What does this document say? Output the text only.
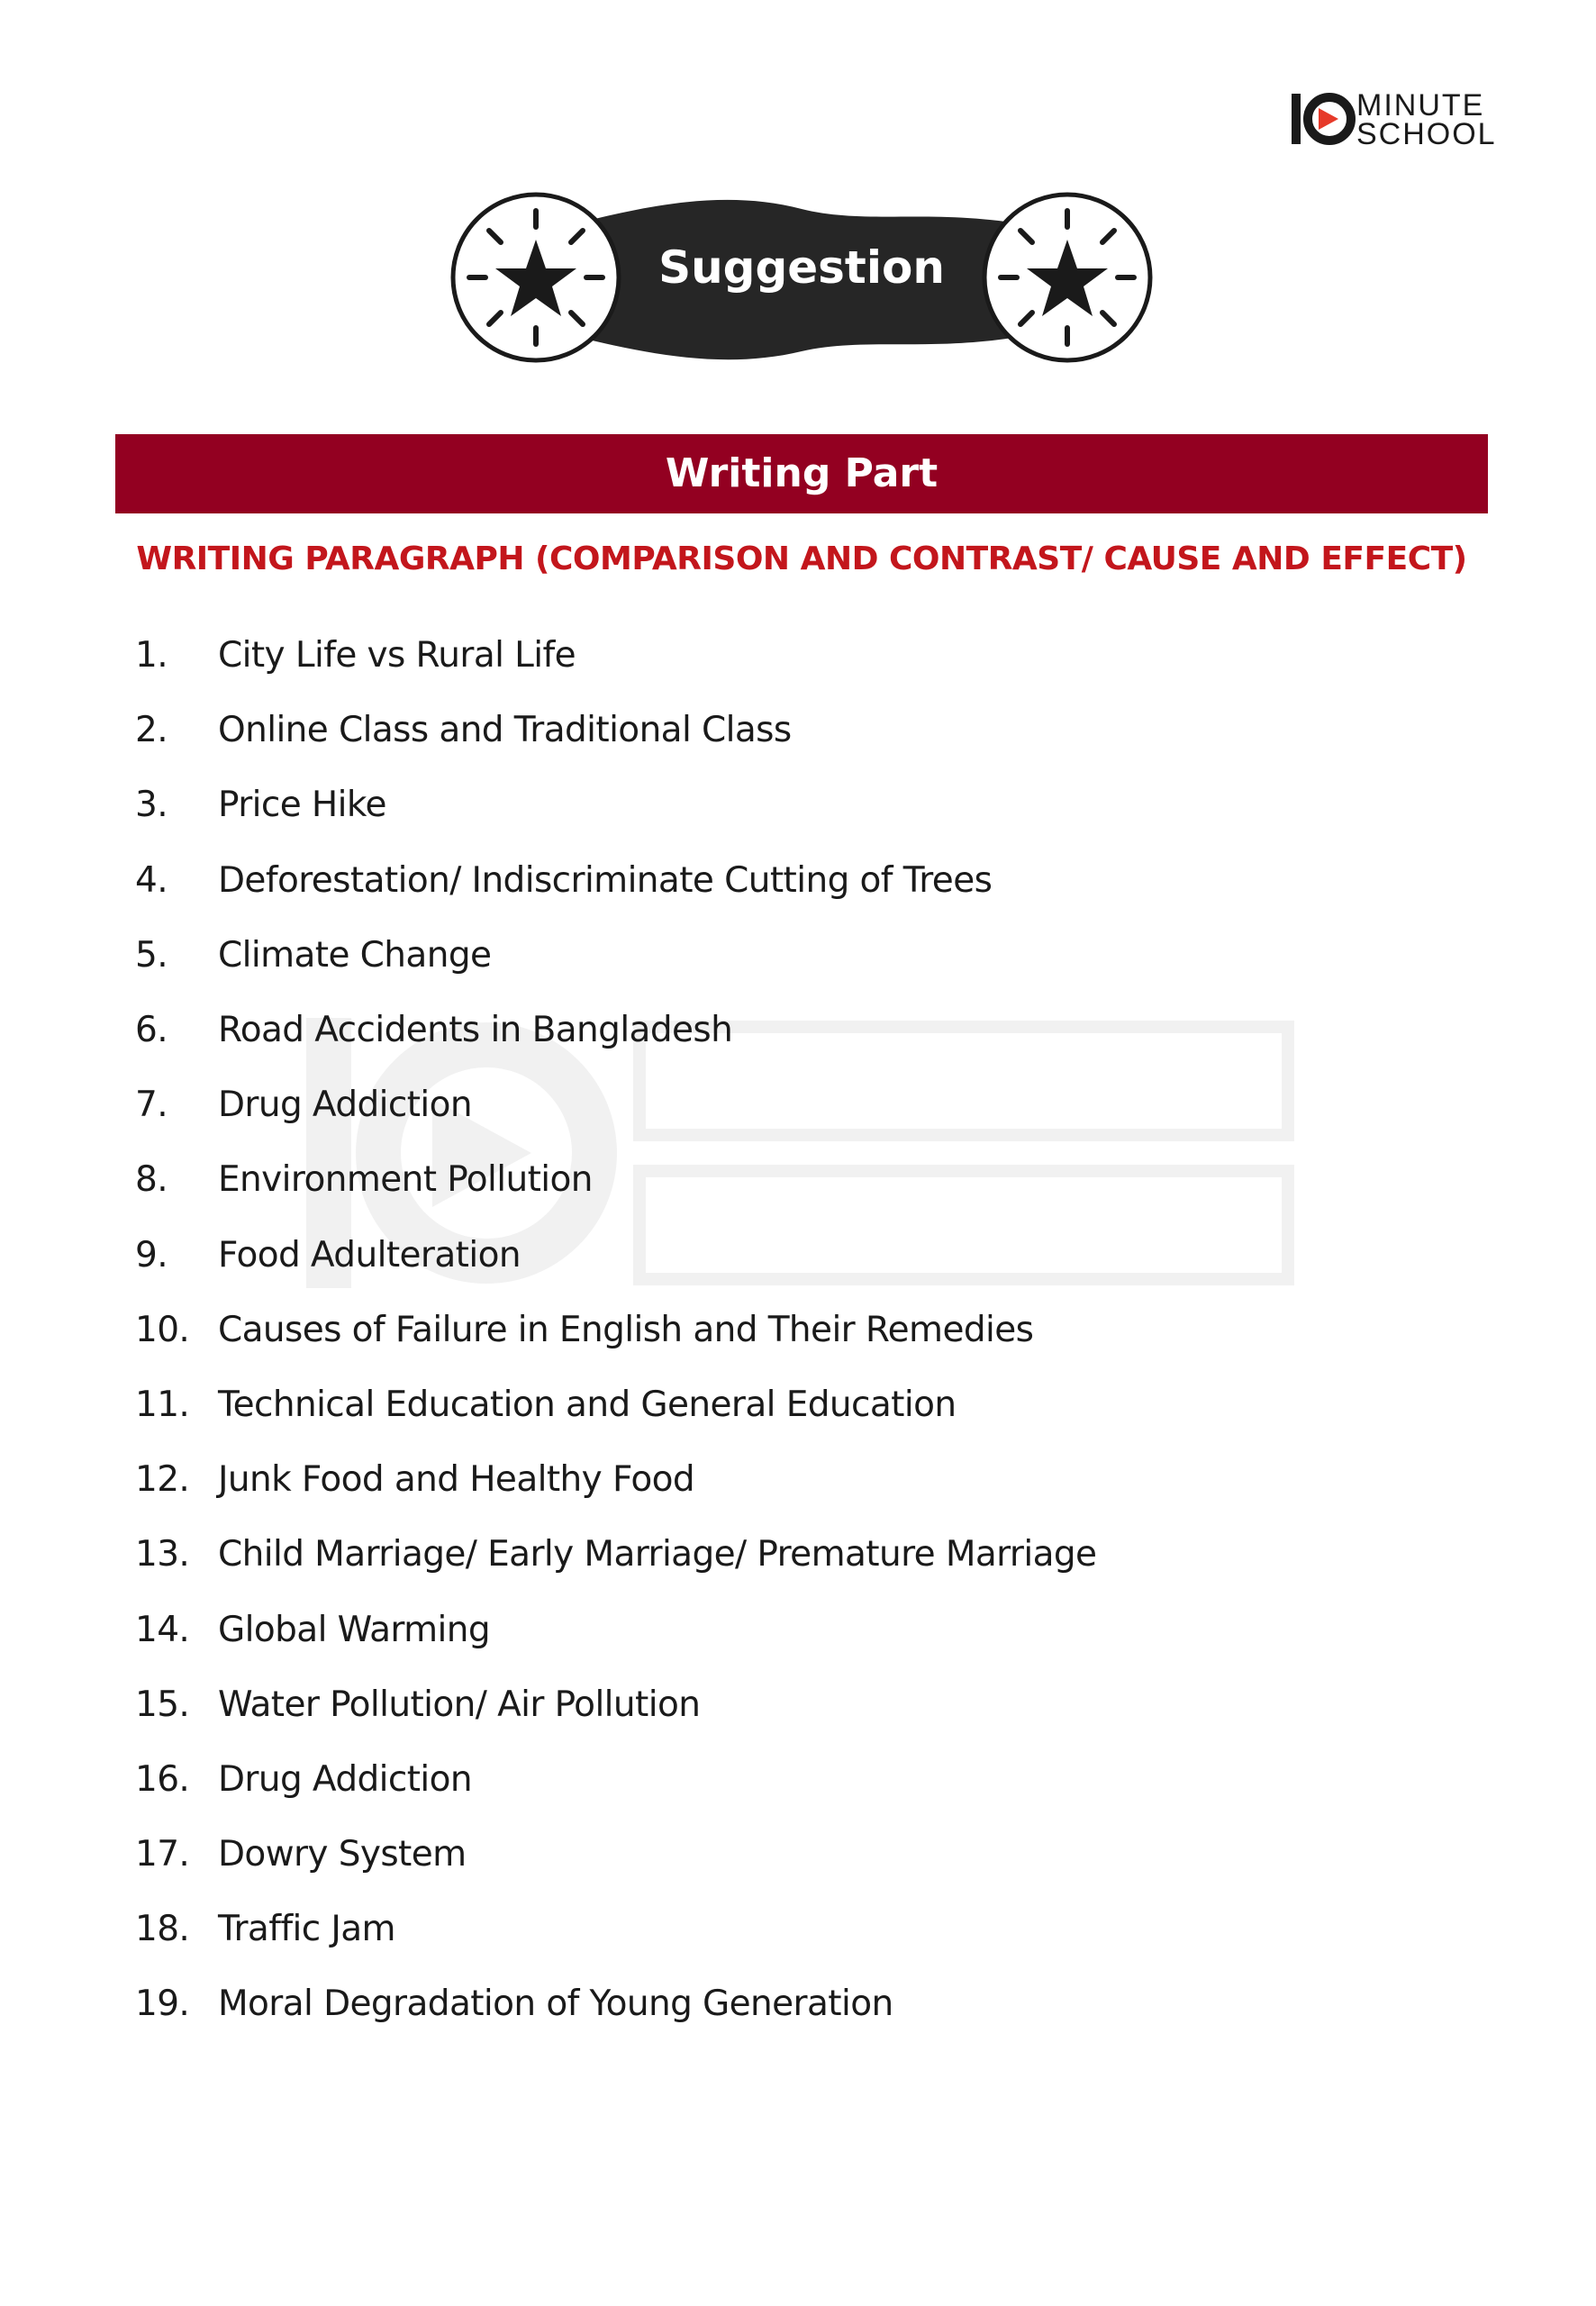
MINUTE
SCHOOL
Suggestion
Writing Part
WRITING PARAGRAPH (COMPARISON AND CONTRAST/ CAUSE AND EFFECT)
1.	City Life vs Rural Life
2.	Online Class and Traditional Class
3.	Price Hike
4.	Deforestation/ Indiscriminate Cutting of Trees
5.	Climate Change
6.	Road Accidents in Bangladesh
7.	Drug Addiction
8.	Environment Pollution
9.	Food Adulteration
10. Causes of Failure in English and Their Remedies
11. Technical Education and General Education
12. Junk Food and Healthy Food
13. Child Marriage/ Early Marriage/ Premature Marriage
14. Global Warming
15. Water Pollution/ Air Pollution
16. Drug Addiction
17. Dowry System
18. Traffic Jam
19. Moral Degradation of Young Generation
